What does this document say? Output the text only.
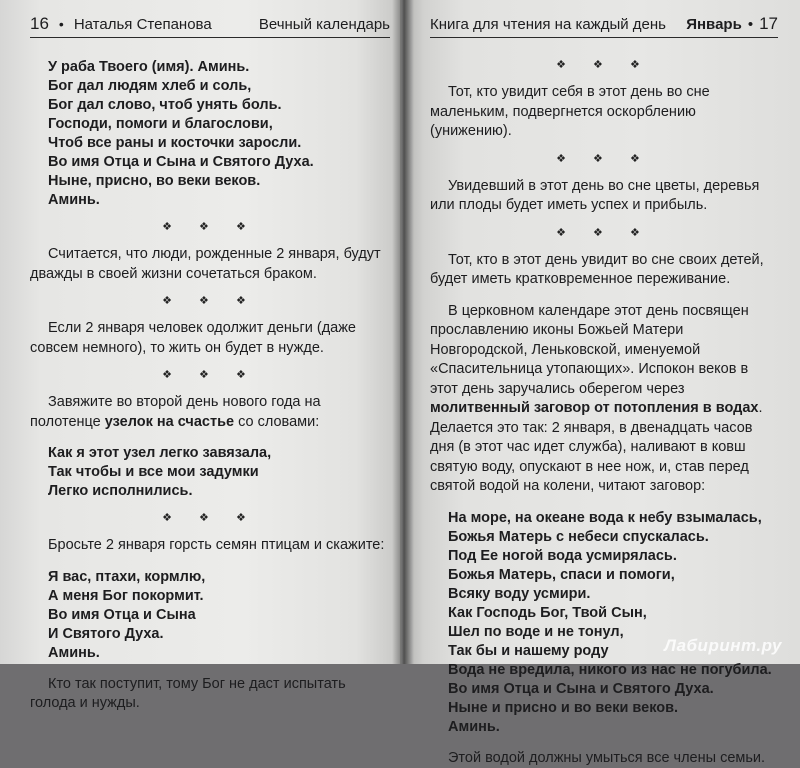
16 • Наталья Степанова	Вечный календарь

У раба Твоего (имя). Аминь.

Бог дал людям хлеб и соль,

Бог дал слово, чтоб унять боль.

Господи, помоги и благослови,

Чтоб все раны и косточки заросли.

Во имя Отца и Сына и Святого Духа.

Ныне, присно, во веки веков.

Аминь.

❖ ❖ ❖

Считается, что люди, рожденные 2 января, будут дважды в своей жизни сочетаться браком.

❖ ❖ ❖

Если 2 января человек одолжит деньги (даже совсем немного), то жить он будет в нужде.

❖ ❖ ❖

Завяжите во второй день нового года на полотенце узелок на счастье со словами:

Как я этот узел легко завязала,

Так чтобы и все мои задумки

Легко исполнились.

❖ ❖ ❖

Бросьте 2 января горсть семян птицам и скажите:

Я вас, птахи, кормлю,

А меня Бог покормит.

Во имя Отца и Сына

И Святого Духа.

Аминь.

Кто так поступит, тому Бог не даст испытать голода и нужды.

Книга для чтения на каждый день Январь • 17
❖ ❖ ❖

Тот, кто увидит себя в этот день во сне маленьким, подвергнется оскорблению (унижению).

❖ ❖ ❖

Увидевший в этот день во сне цветы, деревья или плоды будет иметь успех и прибыль.

❖ ❖ ❖

Тот, кто в этот день увидит во сне своих детей, будет иметь кратковременное переживание.

В церковном календаре этот день посвящен прославлению иконы Божьей Матери Новгородской, Леньковской, именуемой «Спасительница утопающих». Испокон веков в этот день заручались оберегом через молитвенный заговор от потопления в водах. Делается это так: 2 января, в двенадцать часов дня (в этот час идет служба), наливают в ковш святую воду, опускают в нее нож, и, став перед святой водой на колени, читают заговор:

На море, на океане вода к небу взымалась,

Божья Матерь с небеси спускалась.

Под Ее ногой вода усмирялась.

Божья Матерь, спаси и помоги,

Всяку воду усмири.

Как Господь Бог, Твой Сын,

Шел по воде и не тонул,

Так бы и нашему роду

Вода не вредила, никого из нас не погубила.

Во имя Отца и Сына и Святого Духа.

Ныне и присно и во веки веков.

Аминь.

Этой водой должны умыться все члены семьи.

Лабиринт.ру
